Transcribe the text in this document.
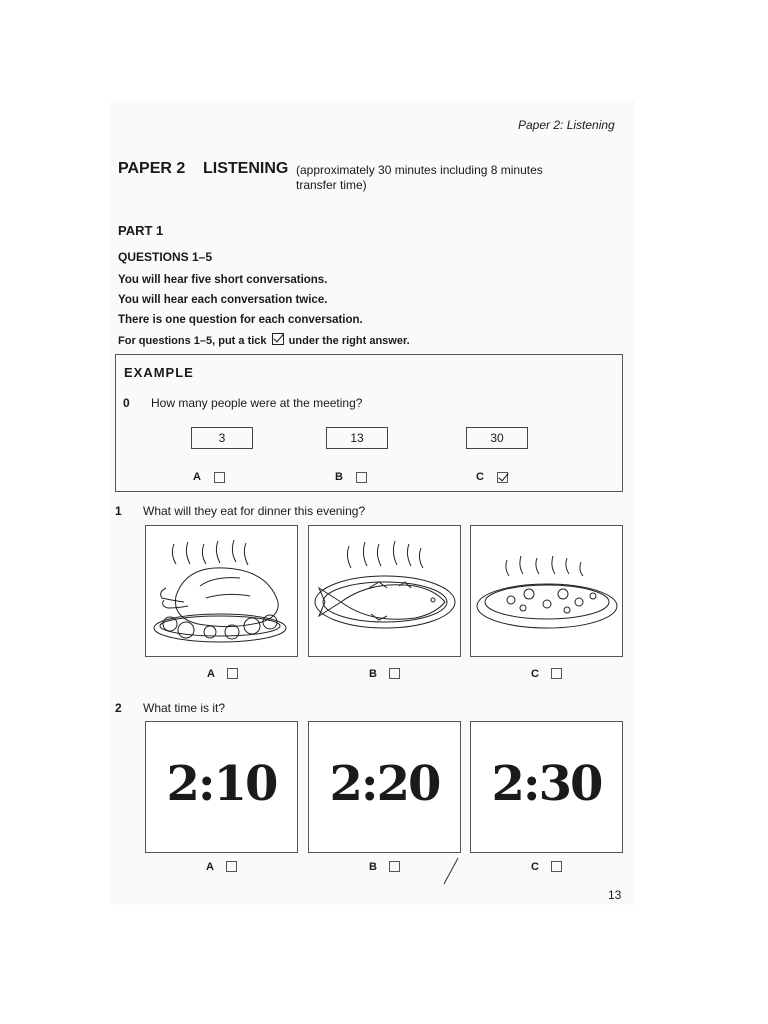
Paper 2: Listening
PAPER 2 LISTENING (approximately 30 minutes including 8 minutes transfer time)
PART 1
QUESTIONS 1–5
You will hear five short conversations.
You will hear each conversation twice.
There is one question for each conversation.
For questions 1–5, put a tick under the right answer.
EXAMPLE
0 How many people were at the meeting?
3	13	30
A	B	C
1 What will they eat for dinner this evening?
A	B	C
2 What time is it?
2:10	2:20	2:30
A	B	C
13
